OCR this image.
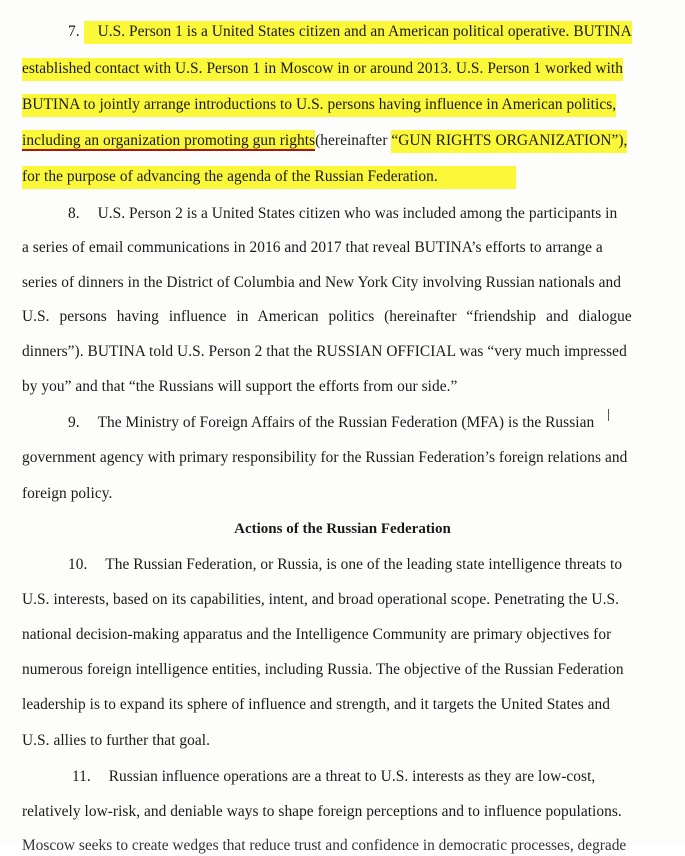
7. U.S. Person 1 is a United States citizen and an American political operative. BUTINA
established contact with U.S. Person 1 in Moscow in or around 2013. U.S. Person 1 worked with
BUTINA to jointly arrange introductions to U.S. persons having influence in American politics,
including an organization promoting gun rights(hereinafter “GUN RIGHTS ORGANIZATION”),
for the purpose of advancing the agenda of the Russian Federation.
8. U.S. Person 2 is a United States citizen who was included among the participants in
a series of email communications in 2016 and 2017 that reveal BUTINA’s efforts to arrange a
series of dinners in the District of Columbia and New York City involving Russian nationals and
U.S. persons having influence in American politics (hereinafter “friendship and dialogue
dinners”). BUTINA told U.S. Person 2 that the RUSSIAN OFFICIAL was “very much impressed
by you” and that “the Russians will support the efforts from our side.”
9. The Ministry of Foreign Affairs of the Russian Federation (MFA) is the Russian
government agency with primary responsibility for the Russian Federation’s foreign relations and
foreign policy.
Actions of the Russian Federation
10. The Russian Federation, or Russia, is one of the leading state intelligence threats to
U.S. interests, based on its capabilities, intent, and broad operational scope. Penetrating the U.S.
national decision-making apparatus and the Intelligence Community are primary objectives for
numerous foreign intelligence entities, including Russia. The objective of the Russian Federation
leadership is to expand its sphere of influence and strength, and it targets the United States and
U.S. allies to further that goal.
11. Russian influence operations are a threat to U.S. interests as they are low-cost,
relatively low-risk, and deniable ways to shape foreign perceptions and to influence populations.
Moscow seeks to create wedges that reduce trust and confidence in democratic processes, degrade
